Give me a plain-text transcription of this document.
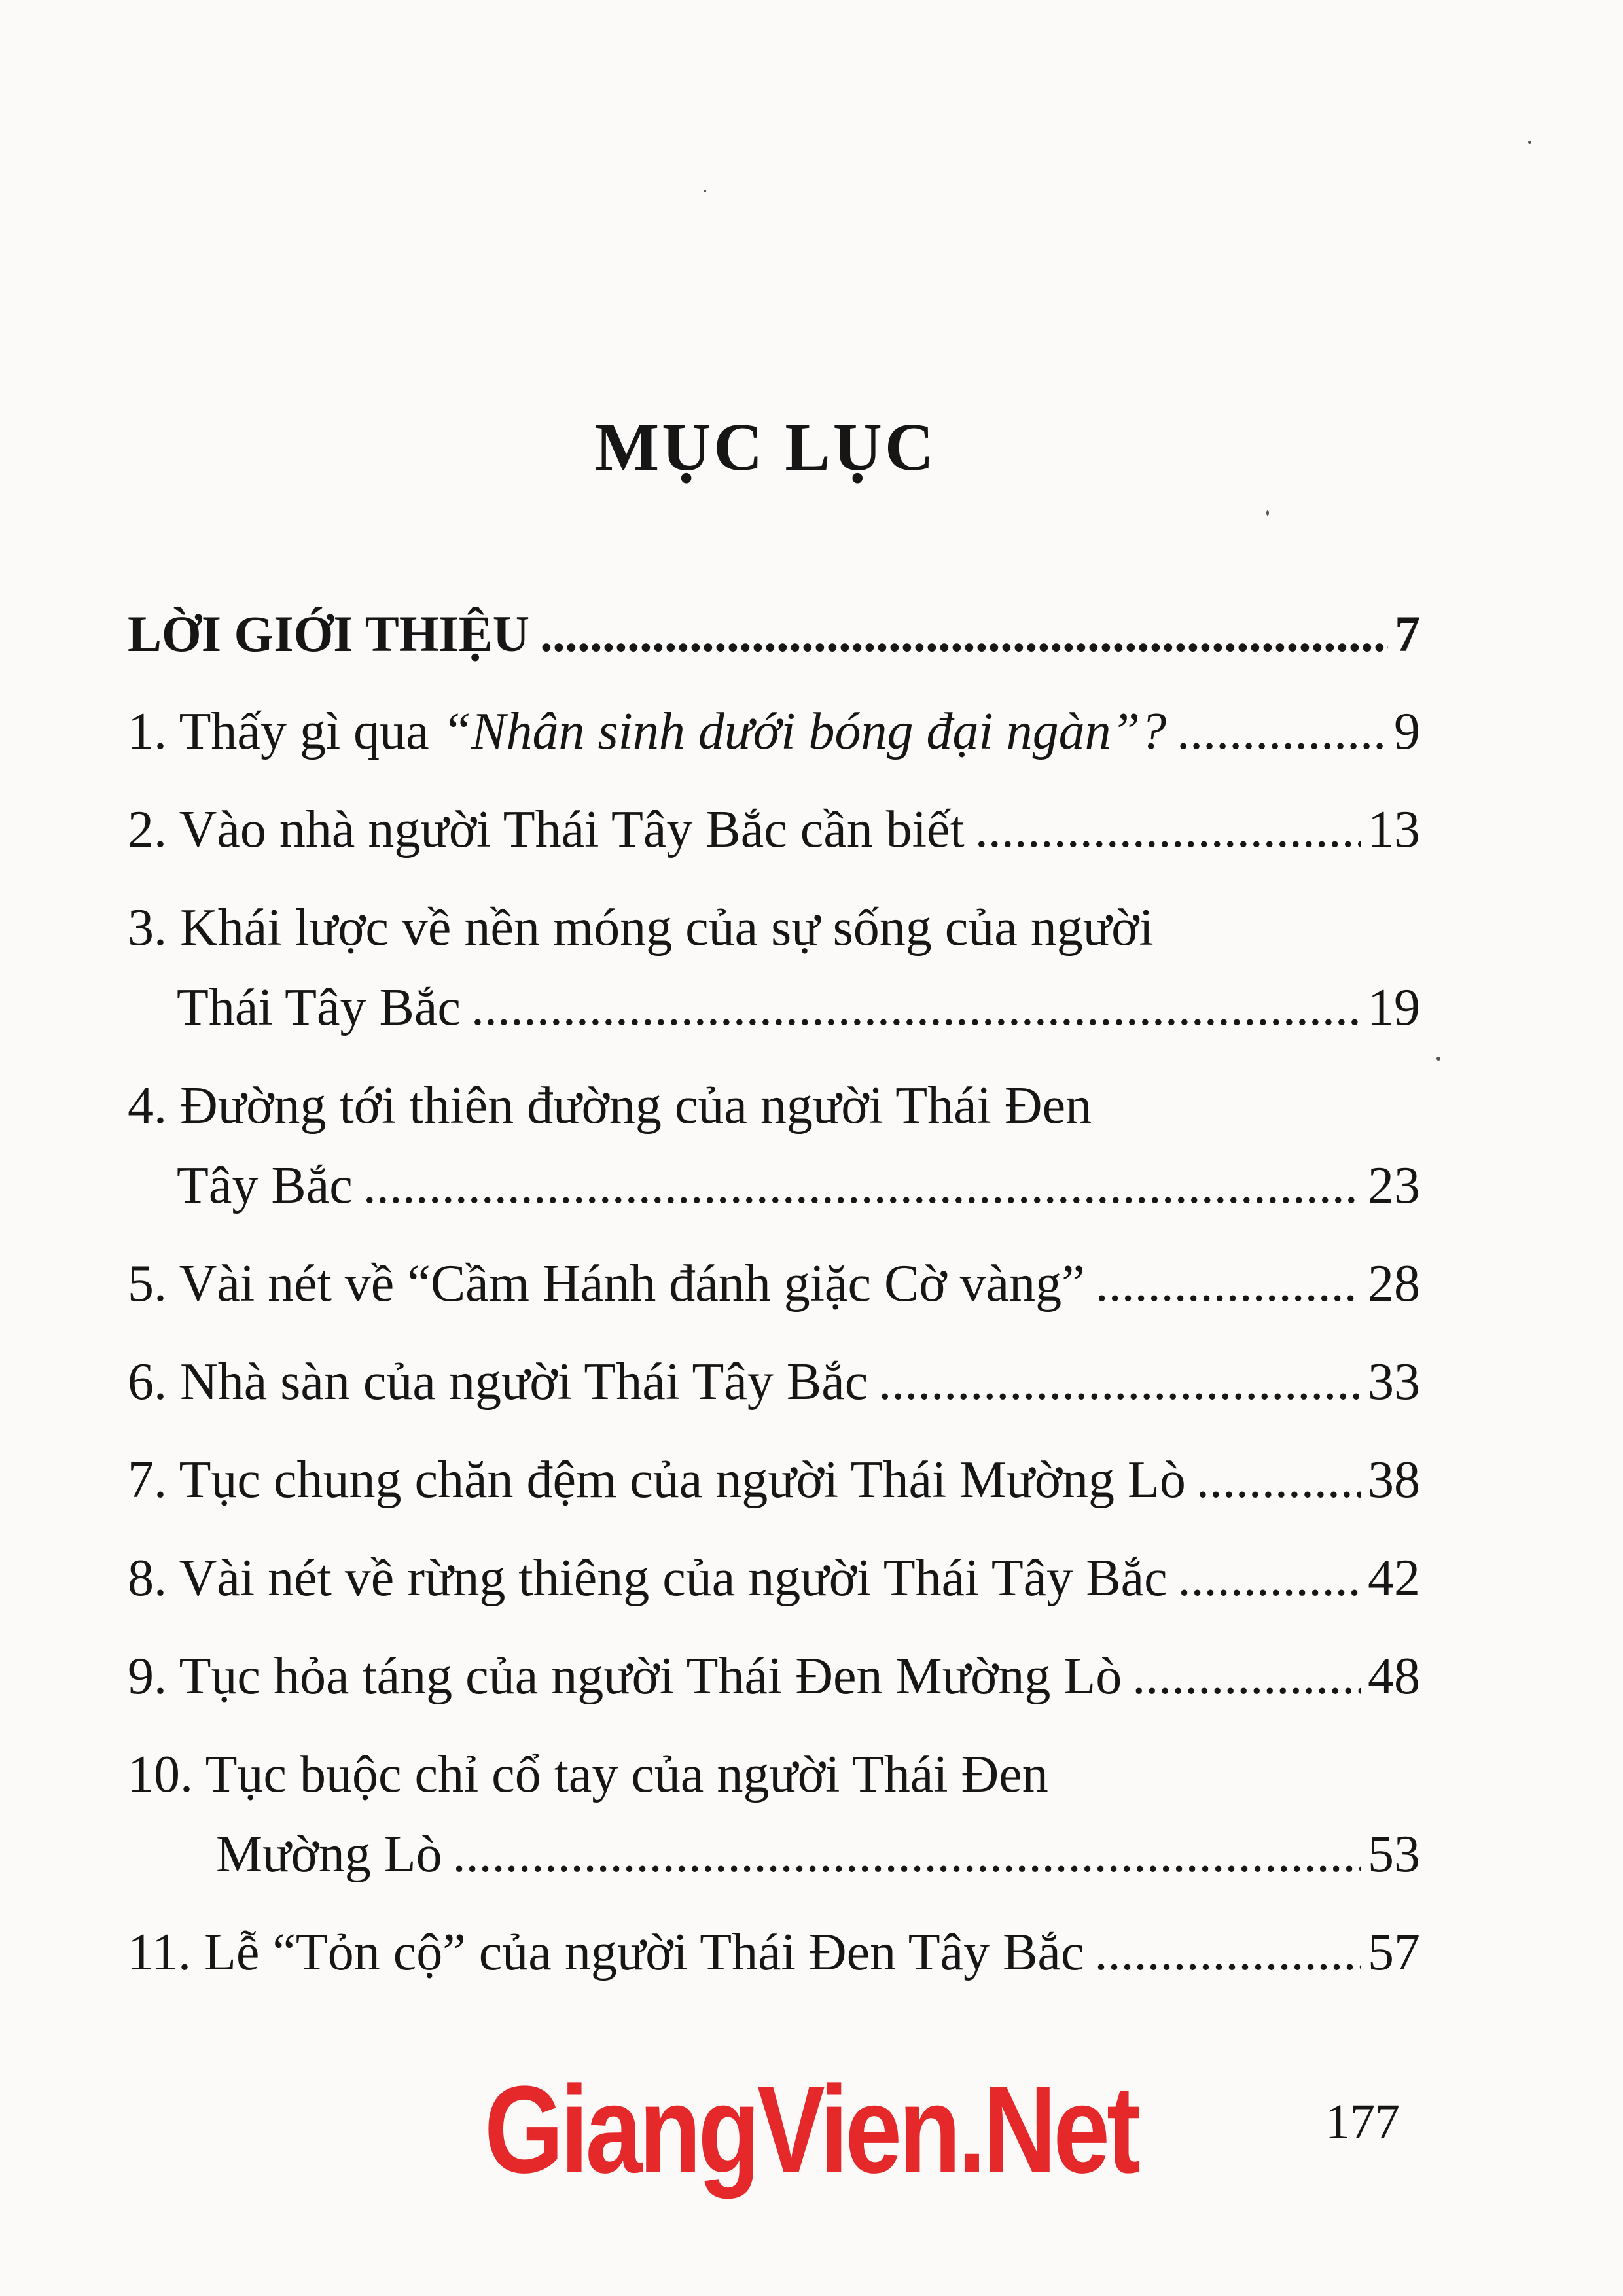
MỤC LỤC
LỜI GIỚI THIỆU . . .	7
1. Thấy gì qua “Nhân sinh dưới bóng đại ngàn”? . . .	9
2. Vào nhà người Thái Tây Bắc cần biết . . .	13
3. Khái lược về nền móng của sự sống của người
Thái Tây Bắc . . .	19
4. Đường tới thiên đường của người Thái Đen
Tây Bắc . . .	23
5. Vài nét về “Cầm Hánh đánh giặc Cờ vàng” . . .	28
6. Nhà sàn của người Thái Tây Bắc . . .	33
7. Tục chung chăn đệm của người Thái Mường Lò . . .	38
8. Vài nét về rừng thiêng của người Thái Tây Bắc . . .	42
9. Tục hỏa táng của người Thái Đen Mường Lò . . .	48
10. Tục buộc chỉ cổ tay của người Thái Đen
Mường Lò . . .	53
11. Lễ “Tỏn cộ” của người Thái Đen Tây Bắc . . .	57
GiangVien.Net	177
